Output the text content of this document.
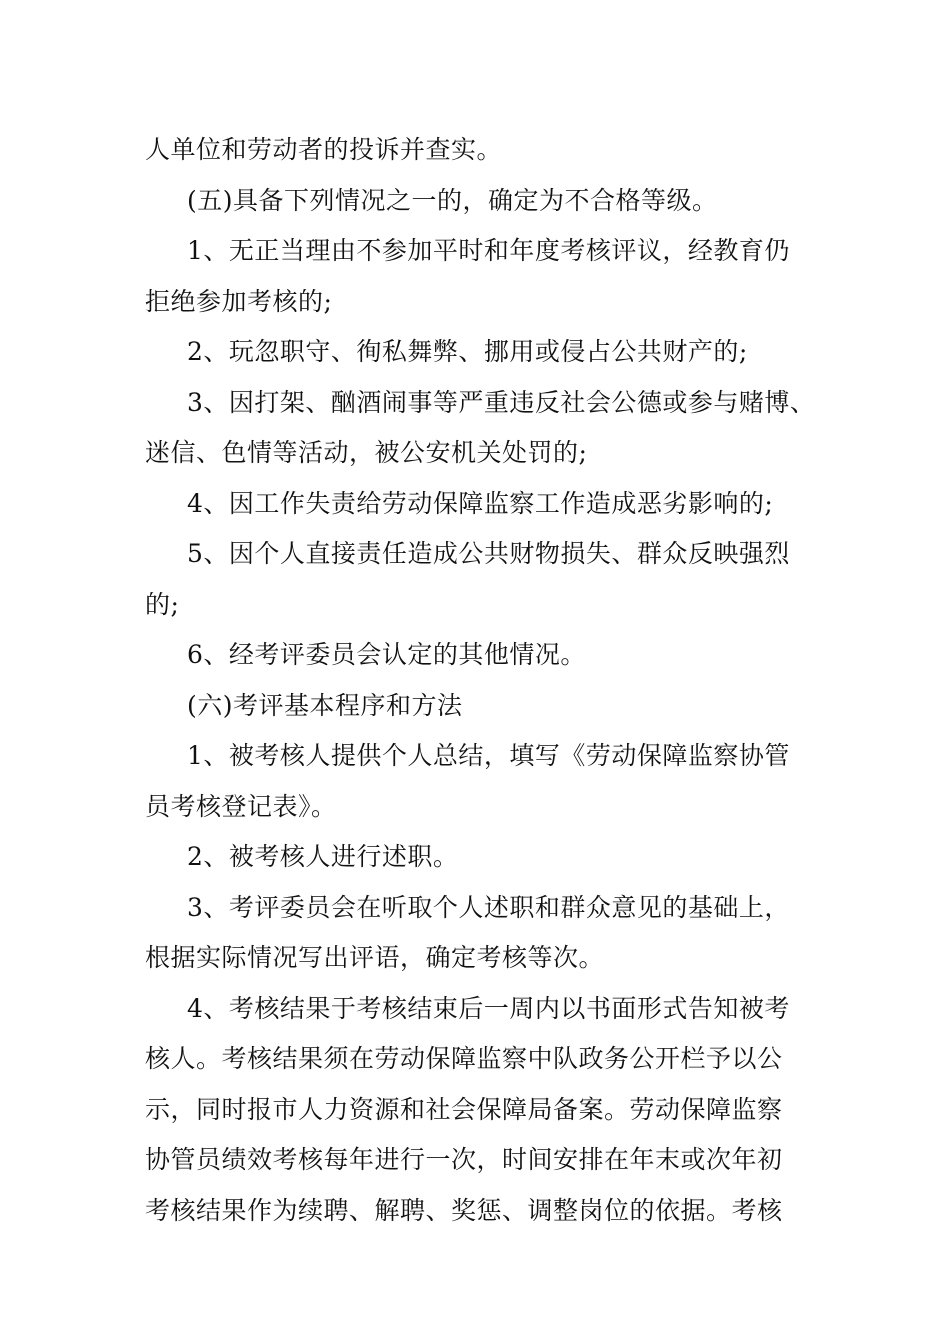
人单位和劳动者的投诉并查实。
(五)具备下列情况之一的，确定为不合格等级。
1、无正当理由不参加平时和年度考核评议，经教育仍
拒绝参加考核的;
2、玩忽职守、徇私舞弊、挪用或侵占公共财产的;
3、因打架、酗酒闹事等严重违反社会公德或参与赌博、
迷信、色情等活动，被公安机关处罚的;
4、因工作失责给劳动保障监察工作造成恶劣影响的;
5、因个人直接责任造成公共财物损失、群众反映强烈
的;
6、经考评委员会认定的其他情况。
(六)考评基本程序和方法
1、被考核人提供个人总结，填写《劳动保障监察协管
员考核登记表》。
2、被考核人进行述职。
3、考评委员会在听取个人述职和群众意见的基础上，
根据实际情况写出评语，确定考核等次。
4、考核结果于考核结束后一周内以书面形式告知被考
核人。考核结果须在劳动保障监察中队政务公开栏予以公
示，同时报市人力资源和社会保障局备案。劳动保障监察
协管员绩效考核每年进行一次，时间安排在年末或次年初
考核结果作为续聘、解聘、奖惩、调整岗位的依据。考核
